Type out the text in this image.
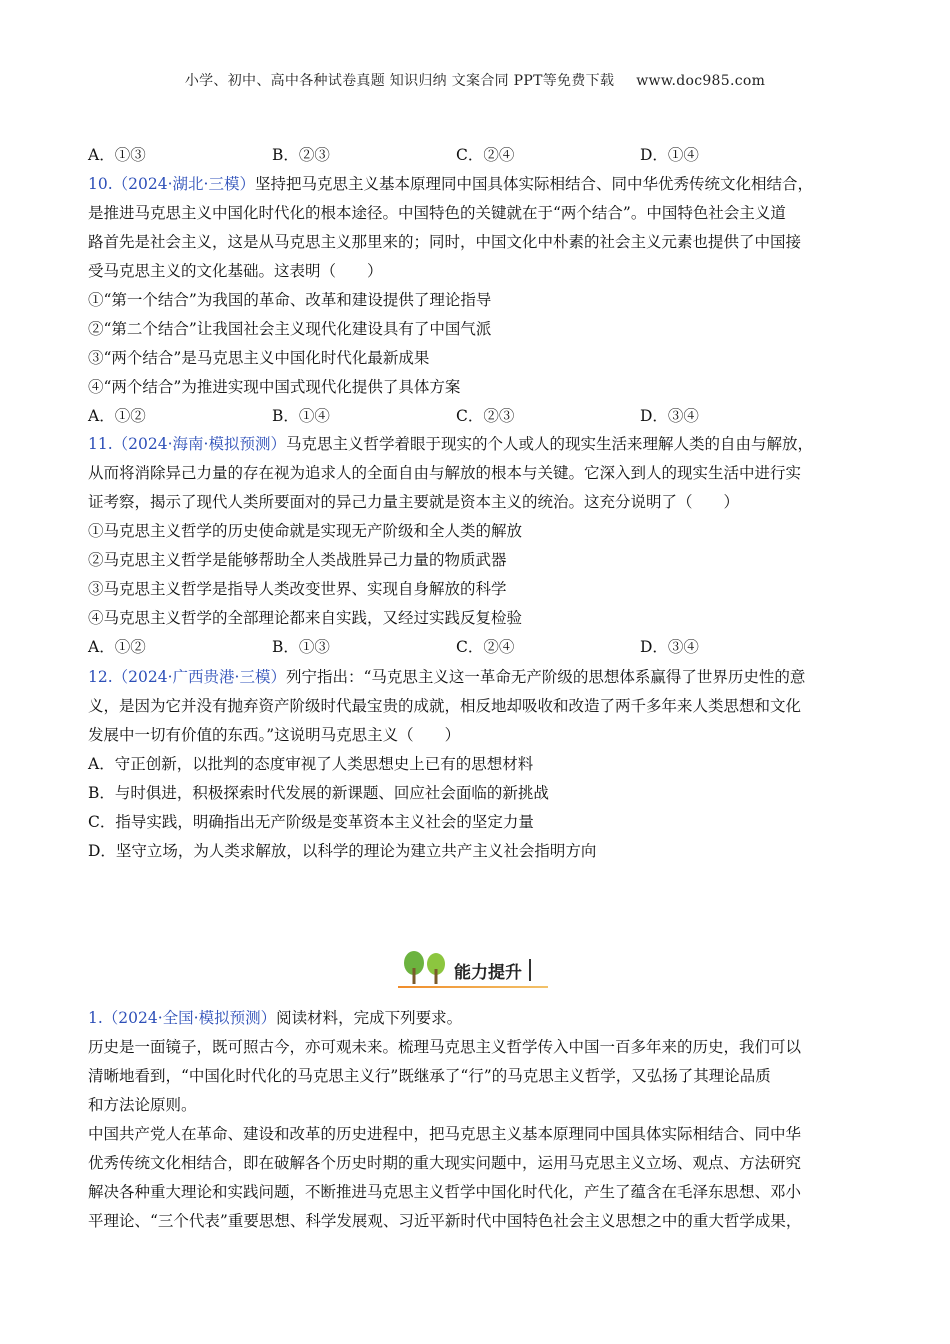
小学、初中、高中各种试卷真题 知识归纳 文案合同 PPT等免费下载 www.doc985.com
A．①③	B．②③	C．②④	D．①④
10.（2024·湖北·三模）坚持把马克思主义基本原理同中国具体实际相结合、同中华优秀传统文化相结合，
是推进马克思主义中国化时代化的根本途径。中国特色的关键就在于“两个结合”。中国特色社会主义道
路首先是社会主义，这是从马克思主义那里来的；同时，中国文化中朴素的社会主义元素也提供了中国接
受马克思主义的文化基础。这表明（　　）
①“第一个结合”为我国的革命、改革和建设提供了理论指导
②“第二个结合”让我国社会主义现代化建设具有了中国气派
③“两个结合”是马克思主义中国化时代化最新成果
④“两个结合”为推进实现中国式现代化提供了具体方案
A．①②	B．①④	C．②③	D．③④
11.（2024·海南·模拟预测）马克思主义哲学着眼于现实的个人或人的现实生活来理解人类的自由与解放，
从而将消除异己力量的存在视为追求人的全面自由与解放的根本与关键。它深入到人的现实生活中进行实
证考察，揭示了现代人类所要面对的异己力量主要就是资本主义的统治。这充分说明了（　　）
①马克思主义哲学的历史使命就是实现无产阶级和全人类的解放
②马克思主义哲学是能够帮助全人类战胜异己力量的物质武器
③马克思主义哲学是指导人类改变世界、实现自身解放的科学
④马克思主义哲学的全部理论都来自实践，又经过实践反复检验
A．①②	B．①③	C．②④	D．③④
12.（2024·广西贵港·三模）列宁指出：“马克思主义这一革命无产阶级的思想体系赢得了世界历史性的意
义，是因为它并没有抛弃资产阶级时代最宝贵的成就，相反地却吸收和改造了两千多年来人类思想和文化
发展中一切有价值的东西。”这说明马克思主义（　　）
A．守正创新，以批判的态度审视了人类思想史上已有的思想材料
B．与时俱进，积极探索时代发展的新课题、回应社会面临的新挑战
C．指导实践，明确指出无产阶级是变革资本主义社会的坚定力量
D．坚守立场，为人类求解放，以科学的理论为建立共产主义社会指明方向
能力提升
1.（2024·全国·模拟预测）阅读材料，完成下列要求。
历史是一面镜子，既可照古今，亦可观未来。梳理马克思主义哲学传入中国一百多年来的历史，我们可以
清晰地看到，“中国化时代化的马克思主义行”既继承了“行”的马克思主义哲学，又弘扬了其理论品质
和方法论原则。
中国共产党人在革命、建设和改革的历史进程中，把马克思主义基本原理同中国具体实际相结合、同中华
优秀传统文化相结合，即在破解各个历史时期的重大现实问题中，运用马克思主义立场、观点、方法研究
解决各种重大理论和实践问题，不断推进马克思主义哲学中国化时代化，产生了蕴含在毛泽东思想、邓小
平理论、“三个代表”重要思想、科学发展观、习近平新时代中国特色社会主义思想之中的重大哲学成果，
